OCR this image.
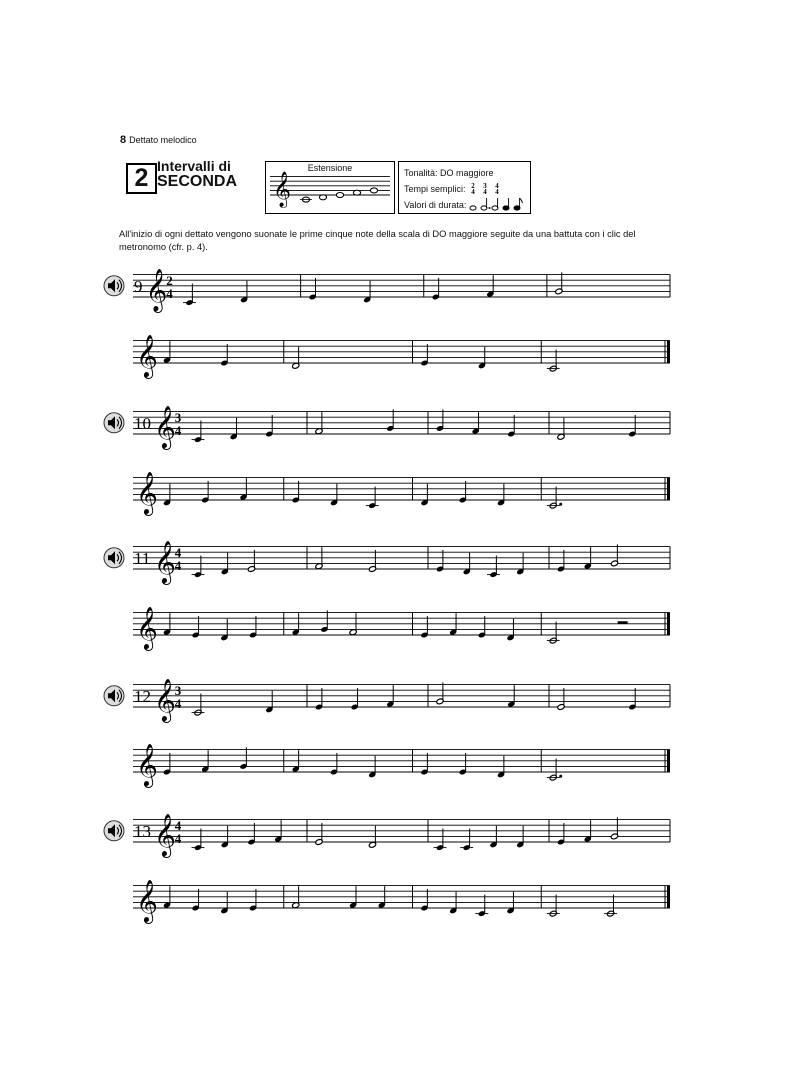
8 Dettato melodico
2 Intervalli di
SECONDA
Estensione
𝄞	Tonalità: DO maggiore
Tempi semplici: 2
4
3
4
4
4
Valori di durata:
All'inizio di ogni dettato vengono suonate le prime cinque note della scala di DO maggiore seguite da una battuta con i clic del metronomo (cfr. p. 4).
𝄞
9 2
4
𝄞
𝄞
10 3
4
𝄞
𝄞
11 4
4
𝄞
𝄞
12 3
4
𝄞
𝄞
13 4
4
𝄞
